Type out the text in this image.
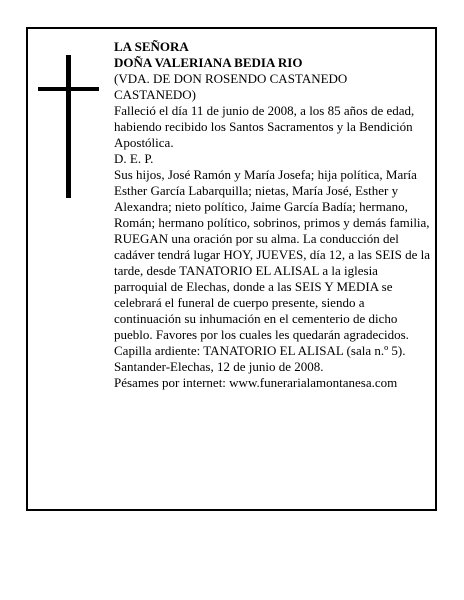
LA SEÑORA
DOÑA VALERIANA BEDIA RIO
(VDA. DE DON ROSENDO CASTANEDO CASTANEDO)
Falleció el día 11 de junio de 2008, a los 85 años de edad,
habiendo recibido los Santos Sacramentos y la Bendición Apostólica.
D. E. P.
Sus hijos, José Ramón y María Josefa; hija política, María Esther García Labarquilla; nietas, María José, Esther y Alexandra; nieto político, Jaime García Badía; hermano, Román; hermano político, sobrinos, primos y demás familia,
RUEGAN una oración por su alma. La conducción del cadáver tendrá lugar HOY, JUEVES, día 12, a las SEIS de la tarde, desde TANATORIO EL ALISAL a la iglesia parroquial de Elechas, donde a las SEIS Y MEDIA se celebrará el funeral de cuerpo presente, siendo a continuación su inhumación en el cementerio de dicho pueblo. Favores por los cuales les quedarán agradecidos. Capilla ardiente: TANATORIO EL ALISAL (sala n.º 5).
Santander-Elechas, 12 de junio de 2008.
Pésames por internet: www.funerarialamontanesa.com
